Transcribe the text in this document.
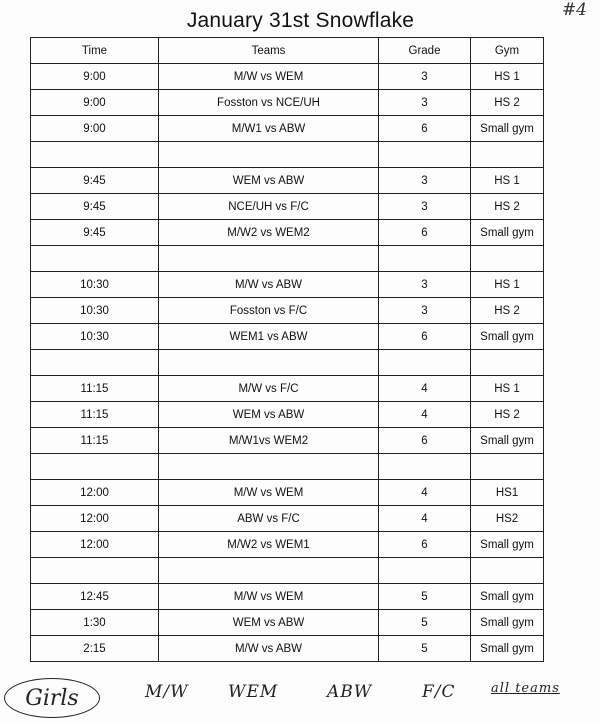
#4
January 31st Snowflake
Time	Teams	Grade	Gym
9:00	M/W vs WEM	3	HS 1
9:00	Fosston vs NCE/UH	3	HS 2
9:00	M/W1 vs ABW	6	Small gym

9:45	WEM vs ABW	3	HS 1
9:45	NCE/UH vs F/C	3	HS 2
9:45	M/W2 vs WEM2	6	Small gym

10:30	M/W vs ABW	3	HS 1
10:30	Fosston vs F/C	3	HS 2
10:30	WEM1 vs ABW	6	Small gym

11:15	M/W vs F/C	4	HS 1
11:15	WEM vs ABW	4	HS 2
11:15	M/W1vs WEM2	6	Small gym

12:00	M/W vs WEM	4	HS1
12:00	ABW vs F/C	4	HS2
12:00	M/W2 vs WEM1	6	Small gym

12:45	M/W vs WEM	5	Small gym
1:30	WEM vs ABW	5	Small gym
2:15	M/W vs ABW	5	Small gym
Girls	M/W WEM	ABW	F/C	all teams
